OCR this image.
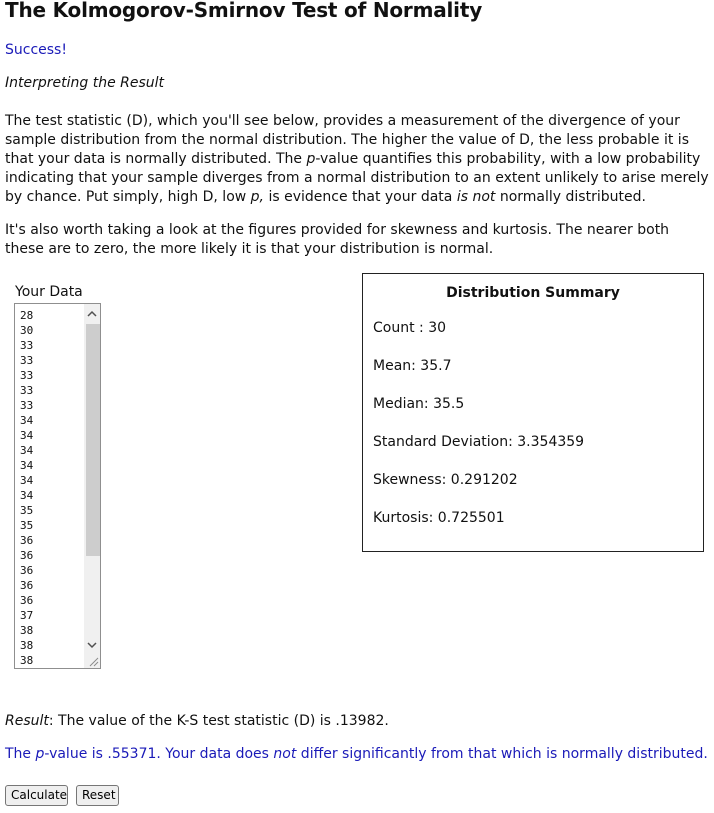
The Kolmogorov-Smirnov Test of Normality
Success!
Interpreting the Result

The test statistic (D), which you'll see below, provides a measurement of the divergence of your sample distribution from the normal distribution. The higher the value of D, the less probable it is that your data is normally distributed. The p-value quantifies this probability, with a low probability indicating that your sample diverges from a normal distribution to an extent unlikely to arise merely by chance. Put simply, high D, low p, is evidence that your data is not normally distributed.

It's also worth taking a look at the figures provided for skewness and kurtosis. The nearer both these are to zero, the more likely it is that your distribution is normal.

Your Data
28
30
33
33
33
33
33
34
34
34
34
34
34
35
35
36
36
36
36
36
37
38
38
38
Distribution Summary
Count : 30
Mean: 35.7
Median: 35.5
Standard Deviation: 3.354359
Skewness: 0.291202
Kurtosis: 0.725501
Result: The value of the K-S test statistic (D) is .13982.
The p-value is .55371. Your data does not differ significantly from that which is normally distributed.
Calculate	Reset
